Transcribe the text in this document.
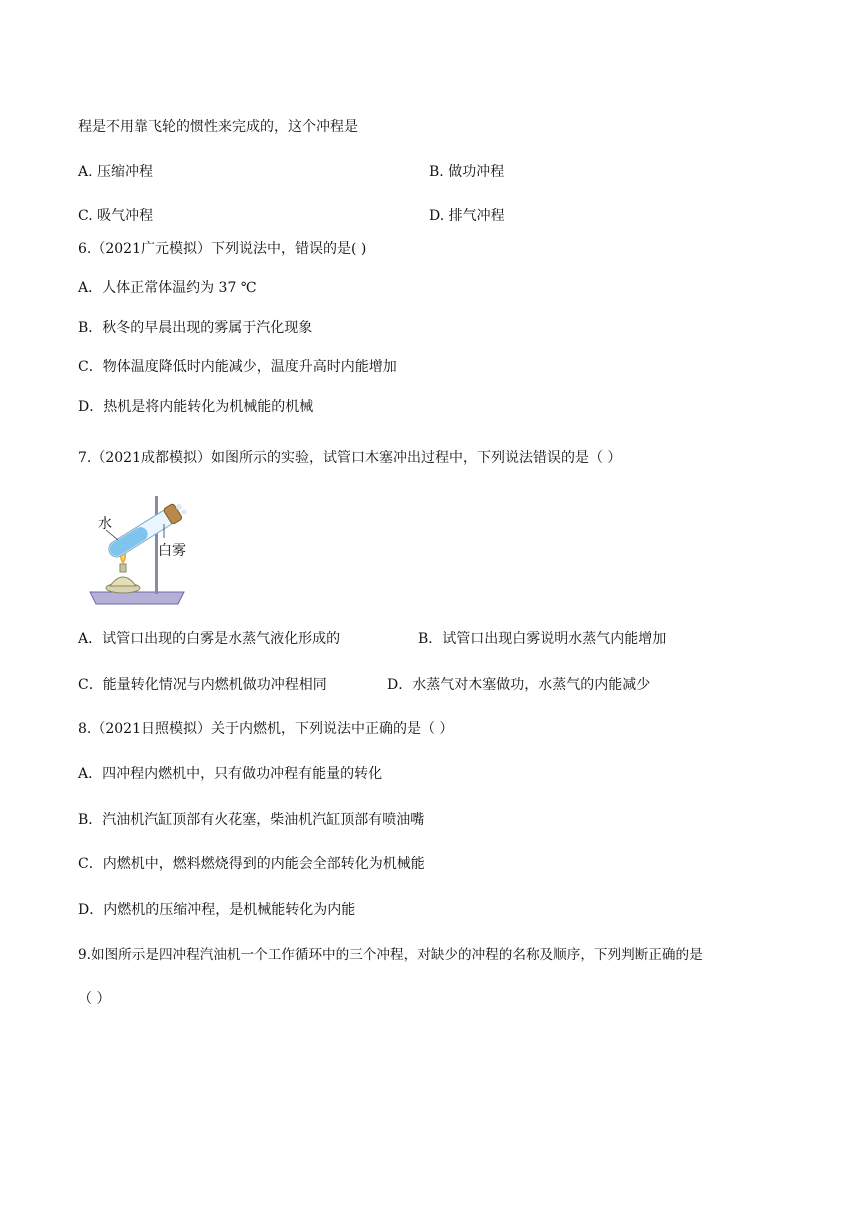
程是不用靠飞轮的惯性来完成的，这个冲程是
A. 压缩冲程	B. 做功冲程
C. 吸气冲程	D. 排气冲程
6.（2021广元模拟）下列说法中，错误的是( )
A．人体正常体温约为 37 ℃
B．秋冬的早晨出现的雾属于汽化现象
C．物体温度降低时内能减少，温度升高时内能增加
D．热机是将内能转化为机械能的机械
7.（2021成都模拟）如图所示的实验，试管口木塞冲出过程中，下列说法错误的是（ ）
水
白雾
A．试管口出现的白雾是水蒸气液化形成的	B．试管口出现白雾说明水蒸气内能增加
C．能量转化情况与内燃机做功冲程相同	D．水蒸气对木塞做功，水蒸气的内能减少
8.（2021日照模拟）关于内燃机，下列说法中正确的是（ ）
A．四冲程内燃机中，只有做功冲程有能量的转化
B．汽油机汽缸顶部有火花塞，柴油机汽缸顶部有喷油嘴
C．内燃机中，燃料燃烧得到的内能会全部转化为机械能
D．内燃机的压缩冲程，是机械能转化为内能
9.如图所示是四冲程汽油机一个工作循环中的三个冲程，对缺少的冲程的名称及顺序，下列判断正确的是
（ ）
